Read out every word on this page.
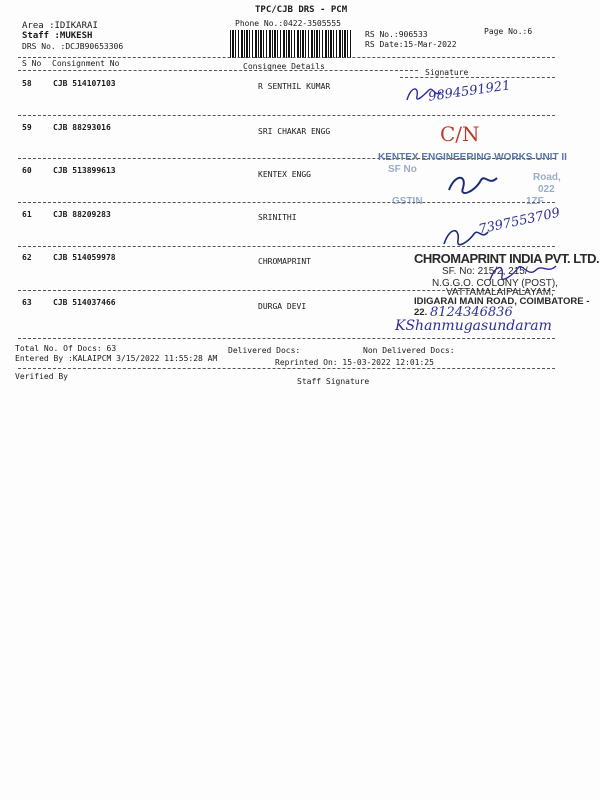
TPC/CJB DRS - PCM
Phone No.:0422-3505555
Area :IDIKARAI
Staff :MUKESH
DRS No. :DCJB90653306
RS No.:906533
RS Date:15-Mar-2022
Page No.:6
S No Consignment No	Consignee Details
Signature
58	CJB 514107103	R SENTHIL KUMAR
59	CJB 88293016	SRI CHAKAR ENGG
60	CJB 513899613	KENTEX ENGG
61	CJB 88209283	SRINITHI
62	CJB 514059978	CHROMAPRINT
63	CJB 514037466	DURGA DEVI
Total No. Of Docs: 63	Delivered Docs:	Non Delivered Docs:
Entered By :KALAIPCM 3/15/2022 11:55:28 AM	Reprinted On: 15-03-2022 12:01:25
Verified By
Staff Signature
9894591921
C/N
KENTEX ENGINEERING WORKS UNIT II
SF No
Road,
022
GSTIN	1ZF
7397553709
CHROMAPRINT INDIA PVT. LTD.
SF. No: 215/2, 215/
N.G.G.O. COLONY (POST),
VATTAMALAIPALAYAM,
IDIGARAI MAIN ROAD, COIMBATORE - 22. 8124346836
KShanmugasundaram
